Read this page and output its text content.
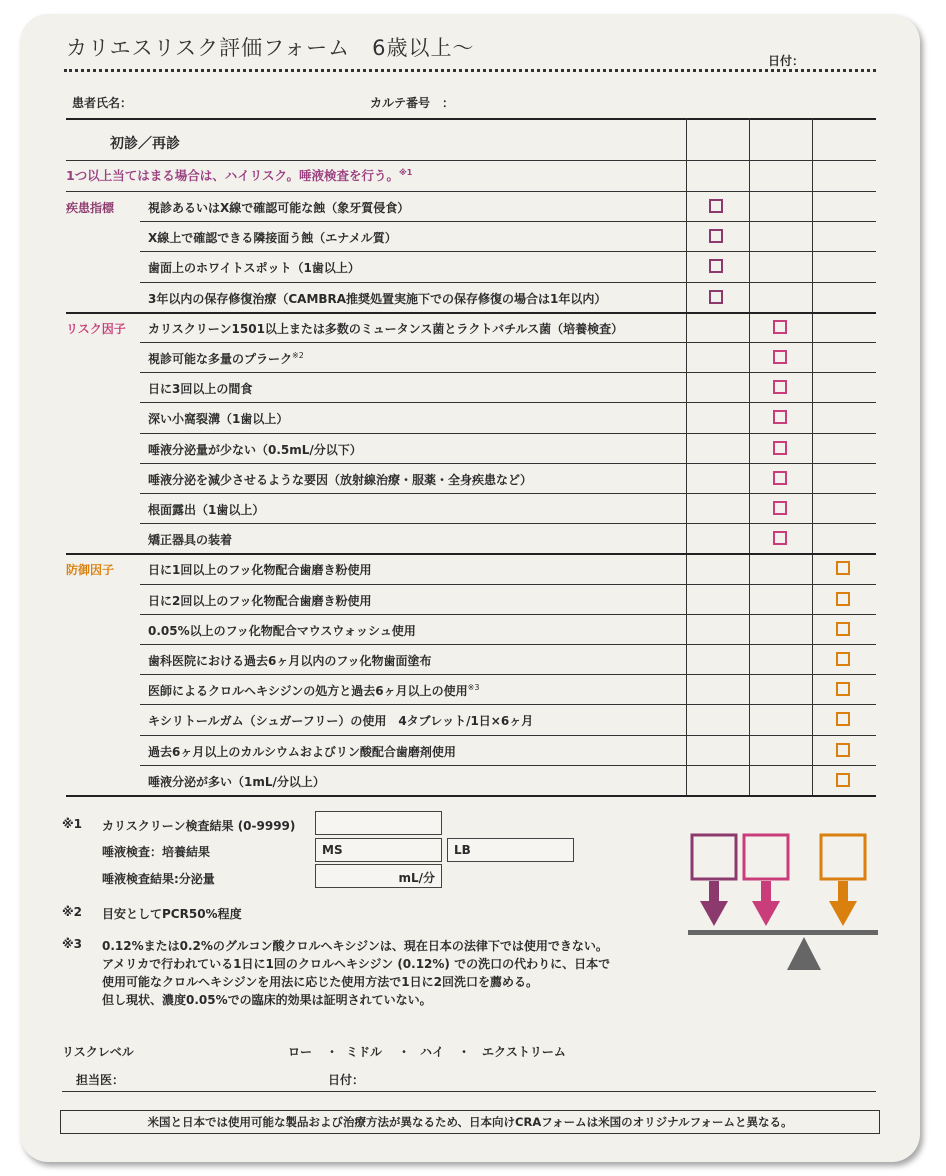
カリエスリスク評価フォーム　6歳以上～
日付：
患者氏名：	カルテ番号　：
初診／再診
1つ以上当てはまる場合は、ハイリスク。唾液検査を行う。$^{※1}$
疾患指標	視診あるいはX線で確認可能な蝕（象牙質侵食）
X線上で確認できる隣接面う蝕（エナメル質）
歯面上のホワイトスポット（1歯以上）
3年以内の保存修復治療（CAMBRA推奨処置実施下での保存修復の場合は1年以内）
リスク因子 カリスクリーン1501以上または多数のミュータンス菌とラクトバチルス菌（培養検査）
視診可能な多量のプラーク$^{※2}$
日に3回以上の間食
深い小窩裂溝（1歯以上）
唾液分泌量が少ない（0.5mL/分以下）
唾液分泌を減少させるような要因（放射線治療・服薬・全身疾患など）
根面露出（1歯以上）
矯正器具の装着
防御因子	日に1回以上のフッ化物配合歯磨き粉使用
日に2回以上のフッ化物配合歯磨き粉使用
0.05%以上のフッ化物配合マウスウォッシュ使用
歯科医院における過去6ヶ月以内のフッ化物歯面塗布
医師によるクロルヘキシジンの処方と過去6ヶ月以上の使用$^{※3}$
キシリトールガム（シュガーフリー）の使用　4タブレット/1日×6ヶ月
過去6ヶ月以上のカルシウムおよびリン酸配合歯磨剤使用
唾液分泌が多い（1mL/分以上）
※1 カリスクリーン検査結果 (0-9999)
唾液検査：培養結果	MS	LB
唾液検査結果:分泌量	mL/分
※2 目安としてPCR50%程度
※3 0.12%または0.2%のグルコン酸クロルヘキシジンは、現在日本の法律下では使用できない。
アメリカで行われている1日に1回のクロルヘキシジン (0.12%) での洗口の代わりに、日本で
使用可能なクロルヘキシジンを用法に応じた使用方法で1日に2回洗口を薦める。
但し現状、濃度0.05%での臨床的効果は証明されていない。
リスクレベル	ロー ・ ミドル ・ ハイ ・ エクストリーム
担当医：	日付：
米国と日本では使用可能な製品および治療方法が異なるため、日本向けCRAフォームは米国のオリジナルフォームと異なる。
